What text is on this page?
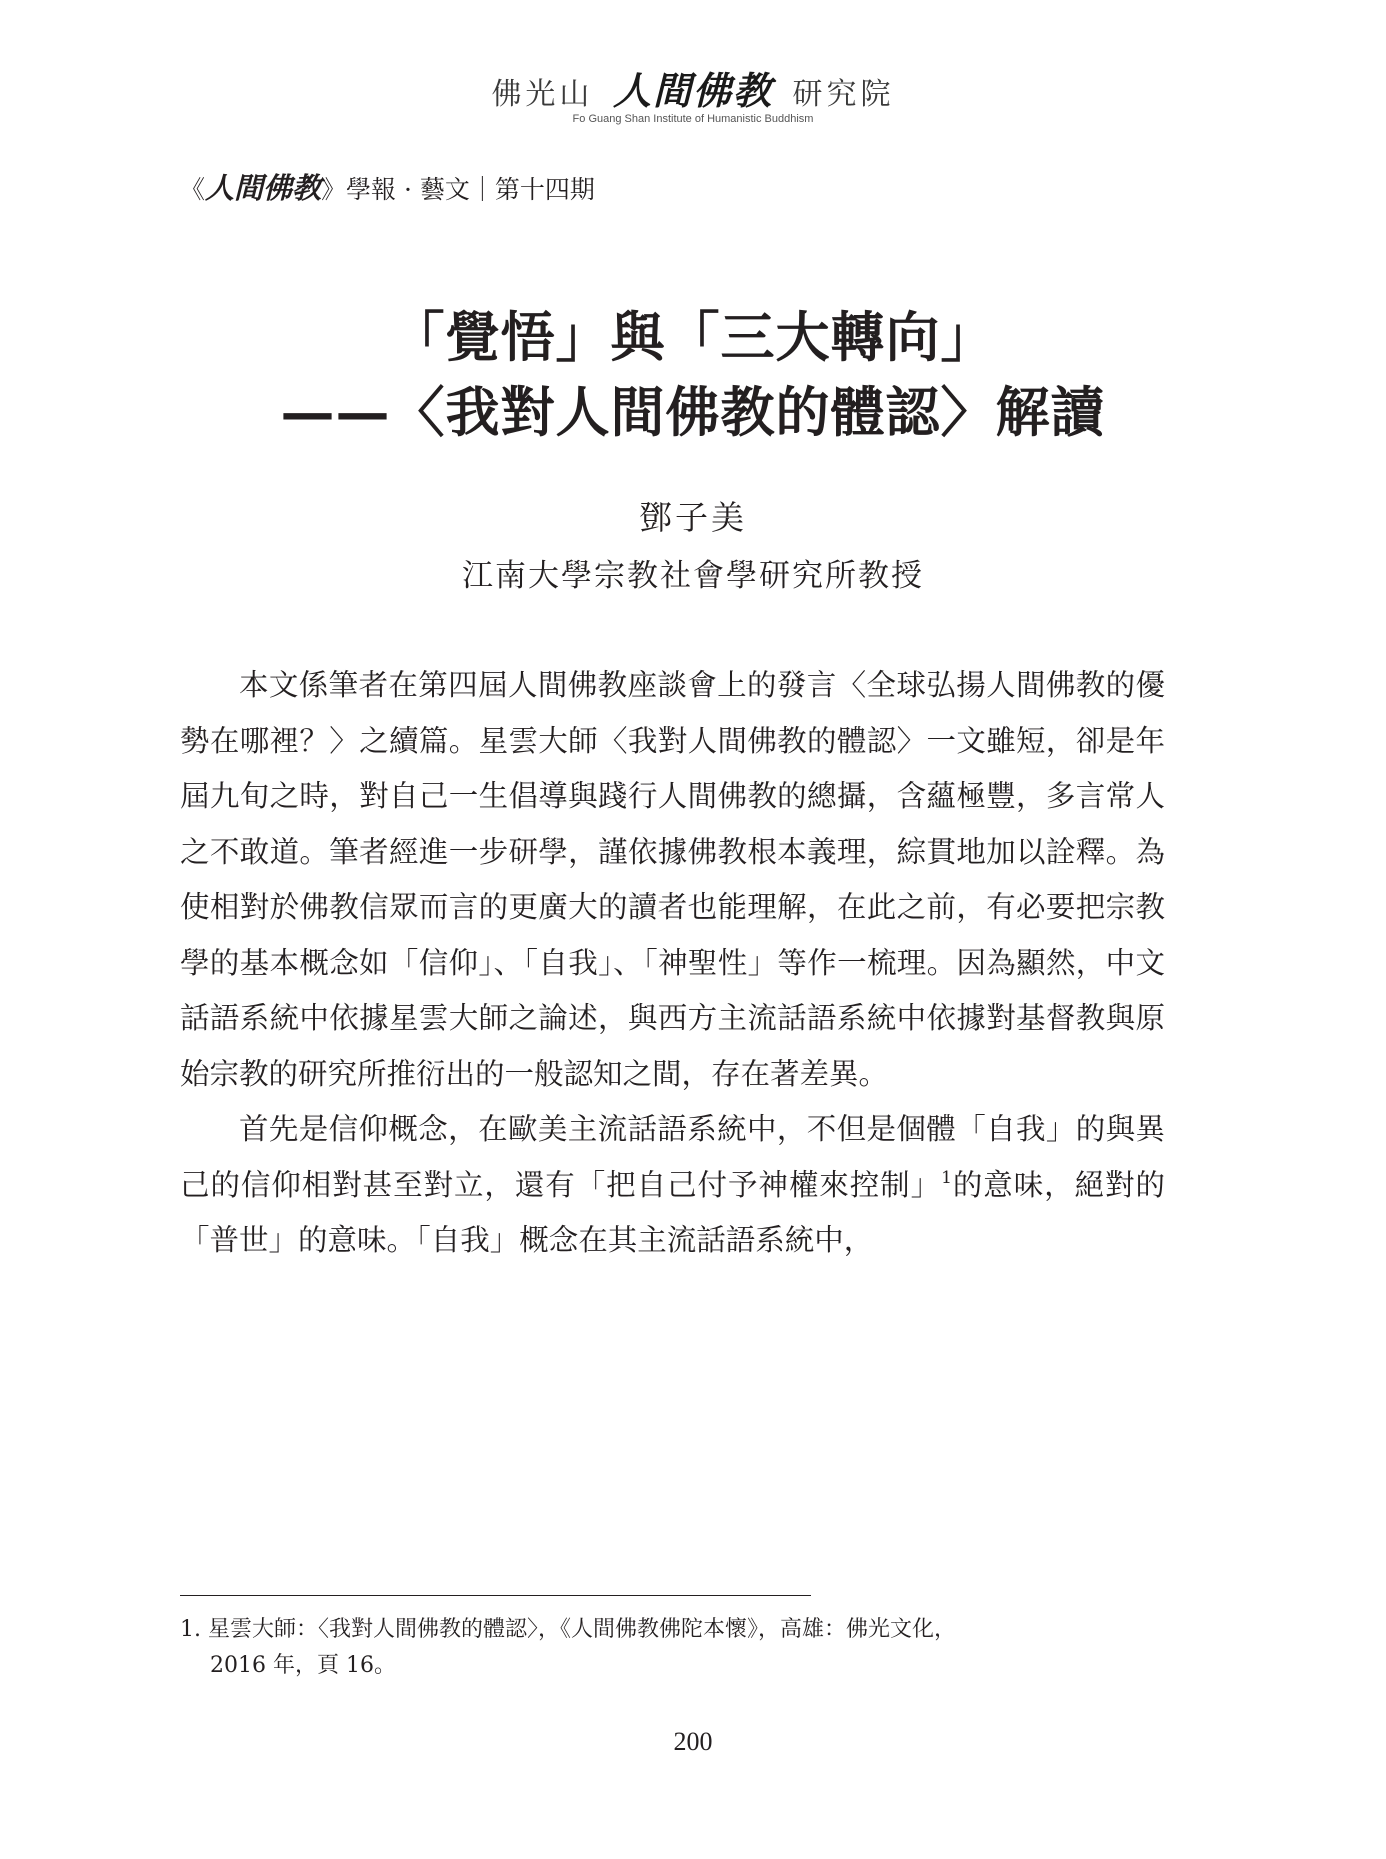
佛光山 人間佛教 研究院
Fo Guang Shan Institute of Humanistic Buddhism
《人間佛教》學報 · 藝文｜第十四期
「覺悟」與「三大轉向」
——〈我對人間佛教的體認〉解讀
鄧子美
江南大學宗教社會學研究所教授

本文係筆者在第四屆人間佛教座談會上的發言〈全球弘揚人間佛教的優勢在哪裡？〉之續篇。星雲大師〈我對人間佛教的體認〉一文雖短，卻是年屆九旬之時，對自己一生倡導與踐行人間佛教的總攝，含蘊極豐，多言常人之不敢道。筆者經進一步研學，謹依據佛教根本義理，綜貫地加以詮釋。為使相對於佛教信眾而言的更廣大的讀者也能理解，在此之前，有必要把宗教學的基本概念如「信仰」、「自我」、「神聖性」等作一梳理。因為顯然，中文話語系統中依據星雲大師之論述，與西方主流話語系統中依據對基督教與原始宗教的研究所推衍出的一般認知之間，存在著差異。

首先是信仰概念，在歐美主流話語系統中，不但是個體「自我」的與異己的信仰相對甚至對立，還有「把自己付予神權來控制」$^1$的意味，絕對的「普世」的意味。「自我」概念在其主流話語系統中，

1. 星雲大師：〈我對人間佛教的體認〉，《人間佛教佛陀本懷》，高雄：佛光文化，
2016 年，頁 16。
200
